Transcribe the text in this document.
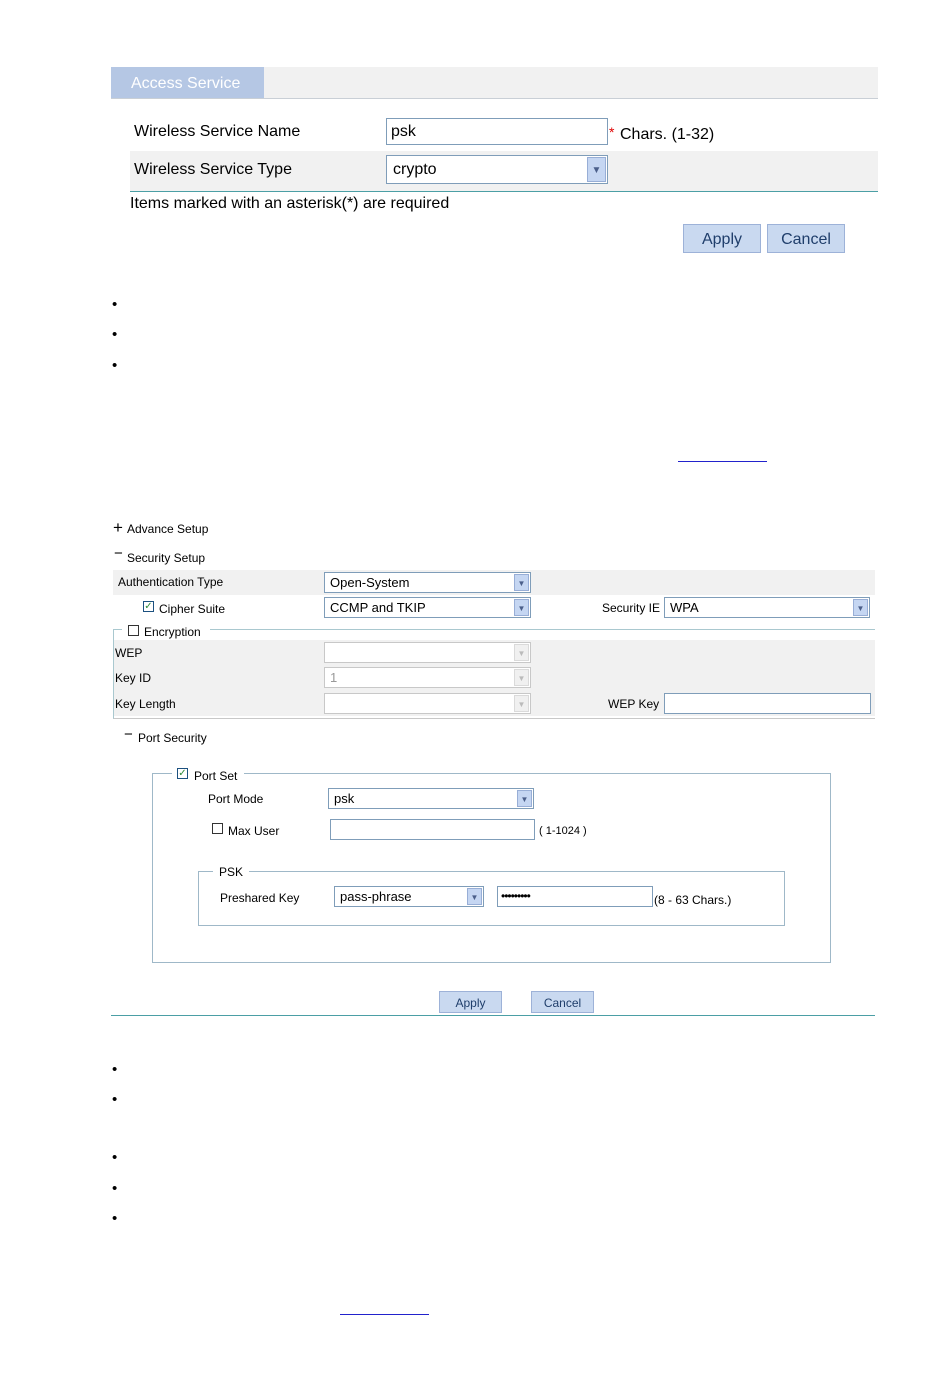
Access Service
Wireless Service Name	psk	* Chars. (1-32)
Wireless Service Type	crypto	▼
Items marked with an asterisk(*) are required
Apply	Cancel
•
•
•
+ Advance Setup
− Security Setup
Authentication Type	Open-System	▼
✓ Cipher Suite	CCMP and TKIP	▼	Security IE WPA	▼
Encryption
WEP	▼
Key ID	1	▼
Key Length	▼	WEP Key
− Port Security
✓ Port Set
Port Mode	psk	▼
Max User	( 1-1024 )
PSK
Preshared Key	pass-phrase	▼	•••••••••	(8 - 63 Chars.)
Apply	Cancel
•
•
•
•
•
